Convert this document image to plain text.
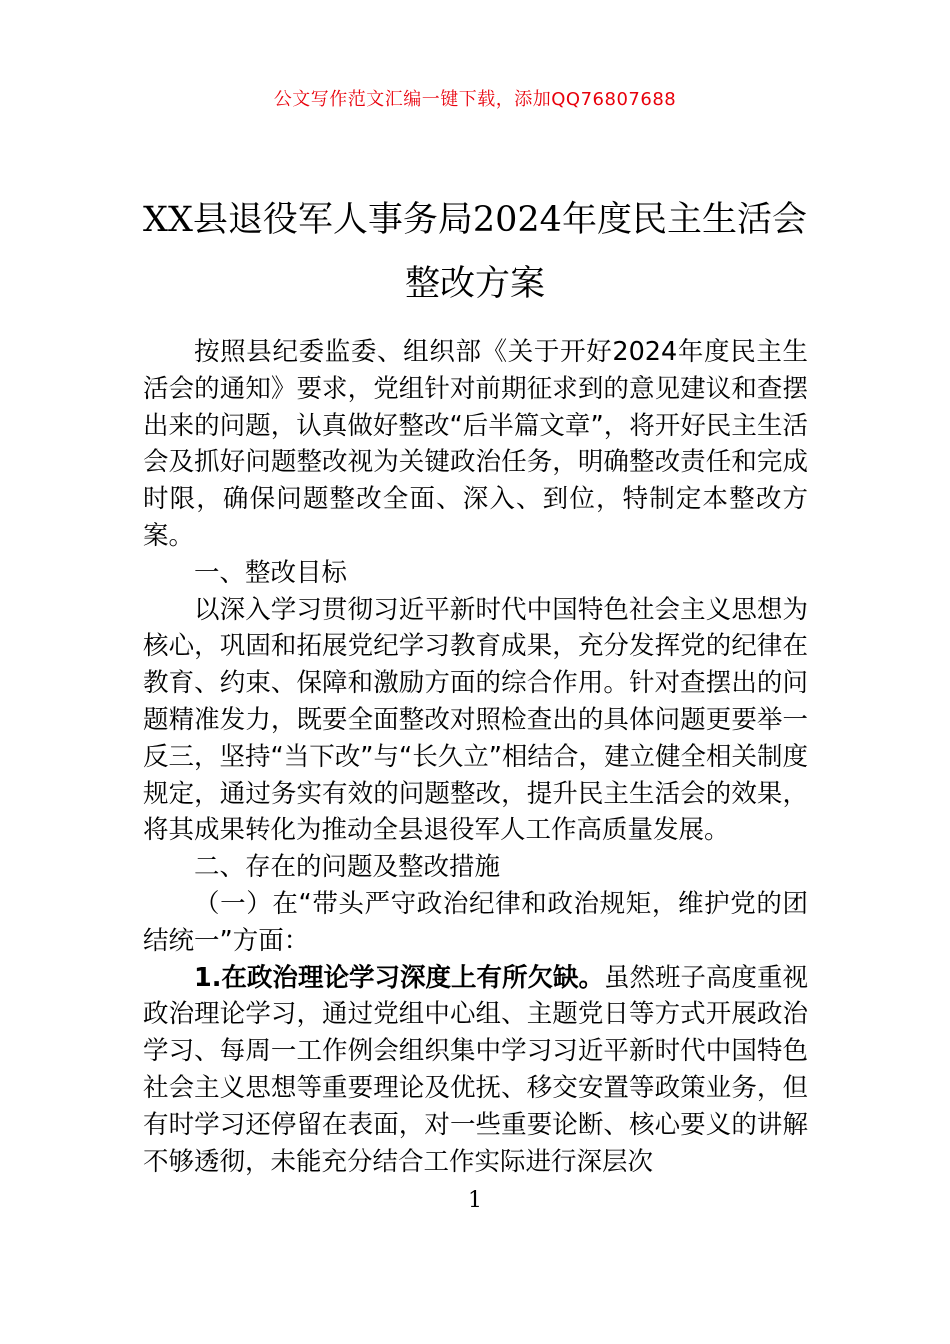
公文写作范文汇编一键下载，添加QQ76807688
XX县退役军人事务局2024年度民主生活会整改方案

按照县纪委监委、组织部《关于开好2024年度民主生活会的通知》要求，党组针对前期征求到的意见建议和查摆出来的问题，认真做好整改“后半篇文章”，将开好民主生活会及抓好问题整改视为关键政治任务，明确整改责任和完成时限，确保问题整改全面、深入、到位，特制定本整改方案。

一、整改目标

以深入学习贯彻习近平新时代中国特色社会主义思想为核心，巩固和拓展党纪学习教育成果，充分发挥党的纪律在教育、约束、保障和激励方面的综合作用。针对查摆出的问题精准发力，既要全面整改对照检查出的具体问题更要举一反三，坚持“当下改”与“长久立”相结合，建立健全相关制度规定，通过务实有效的问题整改，提升民主生活会的效果，将其成果转化为推动全县退役军人工作高质量发展。

二、存在的问题及整改措施

（一）在“带头严守政治纪律和政治规矩，维护党的团结统一”方面：

1.在政治理论学习深度上有所欠缺。虽然班子高度重视政治理论学习，通过党组中心组、主题党日等方式开展政治学习、每周一工作例会组织集中学习习近平新时代中国特色社会主义思想等重要理论及优抚、移交安置等政策业务，但有时学习还停留在表面，对一些重要论断、核心要义的讲解不够透彻，未能充分结合工作实际进行深层次

1
